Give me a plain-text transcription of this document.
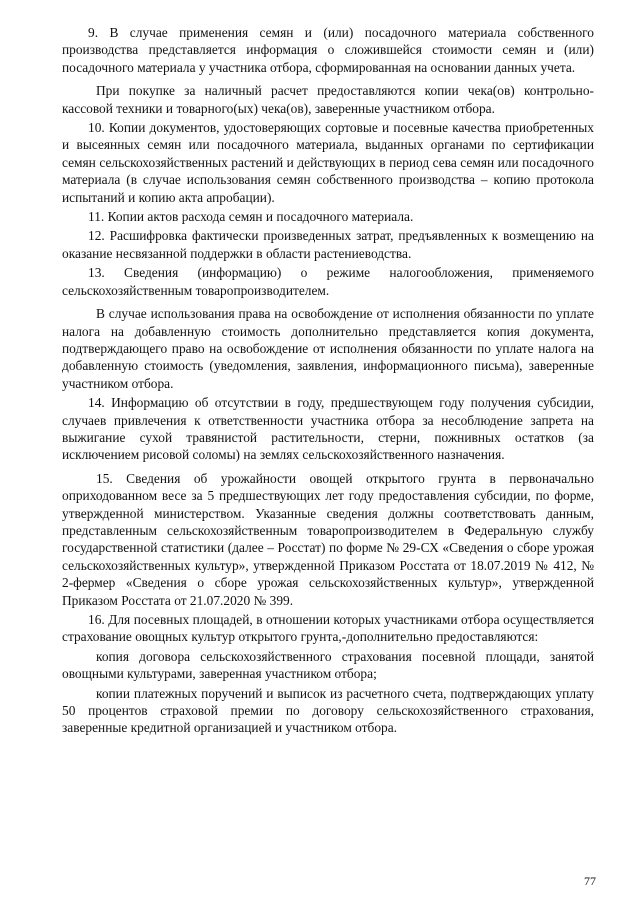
9. В случае применения семян и (или) посадочного материала собственного производства представляется информация о сложившейся стоимости семян и (или) посадочного материала у участника отбора, сформированная на основании данных учета.

При покупке за наличный расчет предоставляются копии чека(ов) контрольно-кассовой техники и товарного(ых) чека(ов), заверенные участником отбора.

10. Копии документов, удостоверяющих сортовые и посевные качества приобретенных и высеянных семян или посадочного материала, выданных органами по сертификации семян сельскохозяйственных растений и действующих в период сева семян или посадочного материала (в случае использования семян собственного производства – копию протокола испытаний и копию акта апробации).

11. Копии актов расхода семян и посадочного материала.

12. Расшифровка фактически произведенных затрат, предъявленных к возмещению на оказание несвязанной поддержки в области растениеводства.

13. Сведения (информацию) о режиме налогообложения, применяемого сельскохозяйственным товаропроизводителем.

В случае использования права на освобождение от исполнения обязанности по уплате налога на добавленную стоимость дополнительно представляется копия документа, подтверждающего право на освобождение от исполнения обязанности по уплате налога на добавленную стоимость (уведомления, заявления, информационного письма), заверенные участником отбора.

14. Информацию об отсутствии в году, предшествующем году получения субсидии, случаев привлечения к ответственности участника отбора за несоблюдение запрета на выжигание сухой травянистой растительности, стерни, пожнивных остатков (за исключением рисовой соломы) на землях сельскохозяйственного назначения.

15. Сведения об урожайности овощей открытого грунта в первоначально оприходованном весе за 5 предшествующих лет году предоставления субсидии, по форме, утвержденной министерством. Указанные сведения должны соответствовать данным, представленным сельскохозяйственным товаропроизводителем в Федеральную службу государственной статистики (далее – Росстат) по форме № 29-СХ «Сведения о сборе урожая сельскохозяйственных культур», утвержденной Приказом Росстата от 18.07.2019 № 412, № 2-фермер «Сведения о сборе урожая сельскохозяйственных культур», утвержденной Приказом Росстата от 21.07.2020 № 399.

16. Для посевных площадей, в отношении которых участниками отбора осуществляется страхование овощных культур открытого грунта,-дополнительно предоставляются:

копия договора сельскохозяйственного страхования посевной площади, занятой овощными культурами, заверенная участником отбора;

копии платежных поручений и выписок из расчетного счета, подтверждающих уплату 50 процентов страховой премии по договору сельскохозяйственного страхования, заверенные кредитной организацией и участником отбора.

77
